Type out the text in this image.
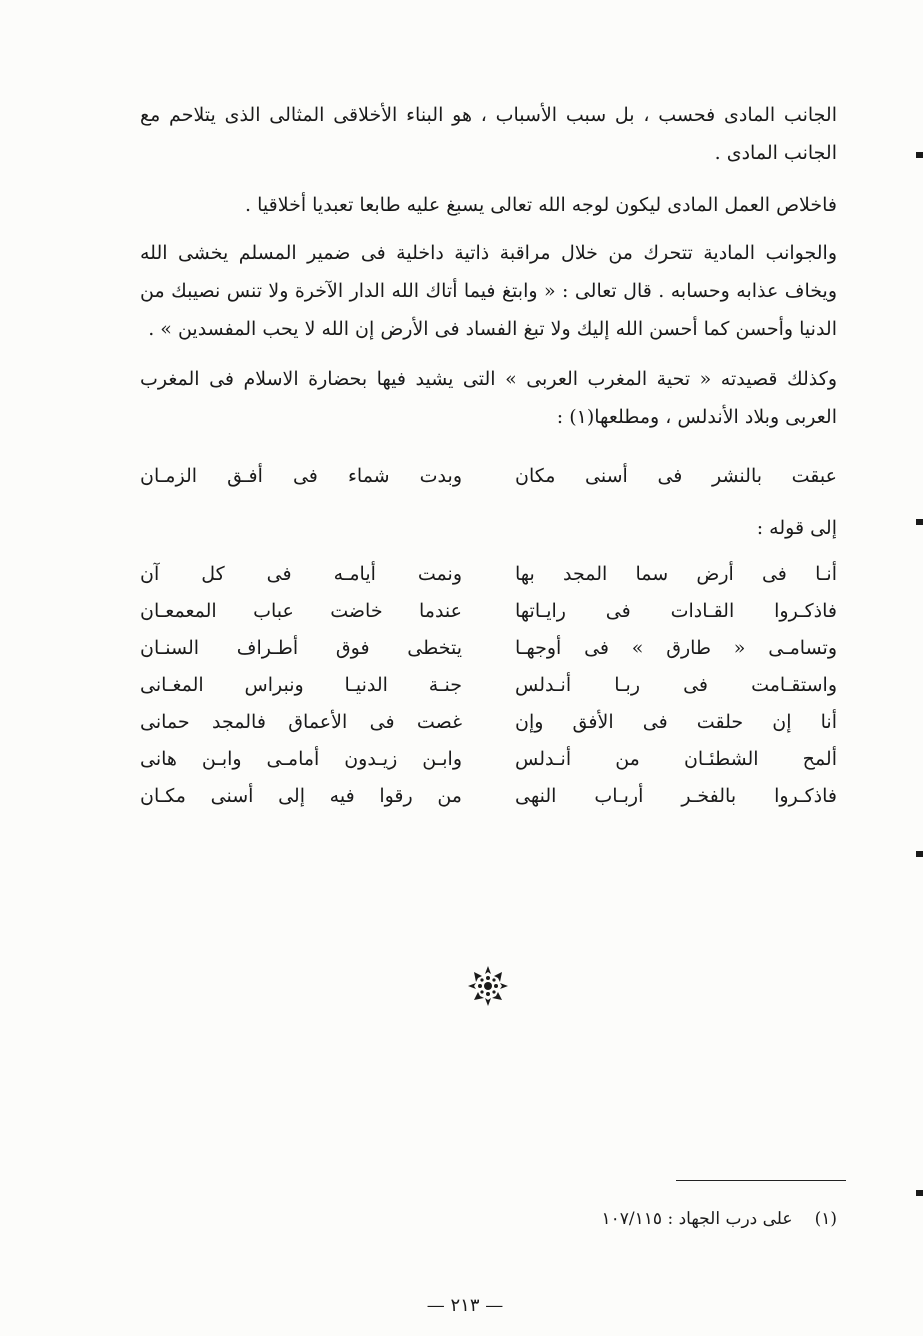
الجانب المادى فحسب ، بل سبب الأسباب ، هو البناء الأخلاقى المثالى الذى يتلاحم مع الجانب المادى .

فاخلاص العمل المادى ليكون لوجه الله تعالى يسبغ عليه طابعا تعبديا أخلاقيا .

والجوانب المادية تتحرك من خلال مراقبة ذاتية داخلية فى ضمير المسلم يخشى الله ويخاف عذابه وحسابه . قال تعالى : « وابتغ فيما أتاك الله الدار الآخرة ولا تنس نصيبك من الدنيا وأحسن كما أحسن الله إليك ولا تبغ الفساد فى الأرض إن الله لا يحب المفسدين » .

وكذلك قصيدته « تحية المغرب العربى » التى يشيد فيها بحضارة الاسلام فى المغرب العربى وبلاد الأندلس ، ومطلعها(١) :

عبقت بالنشر فى أسنى مكان
وبدت شماء فى أفـق الزمـان
إلى قوله :
أنـا فى أرض سما المجد بها
ونمت أيامـه فى كل آن
فاذكـروا القـادات فى رايـاتها
عندما خاضت عباب المعمعـان
وتسامـى « طارق » فى أوجهـا
يتخطى فوق أطـراف السنـان
واستقـامت فى ربـا أنـدلس
جنـة الدنيـا ونبراس المغـانى
أنا إن حلقت فى الأفق وإن
غصت فى الأعماق فالمجد حمانى
ألمح الشطئـان من أنـدلس
وابـن زيـدون أمامـى وابـن هانى
فاذكـروا بالفخـر أربـاب النهى
من رقوا فيه إلى أسنى مكـان
(١)على درب الجهاد : ١٠٧/١١٥
— ٢١٣ —
